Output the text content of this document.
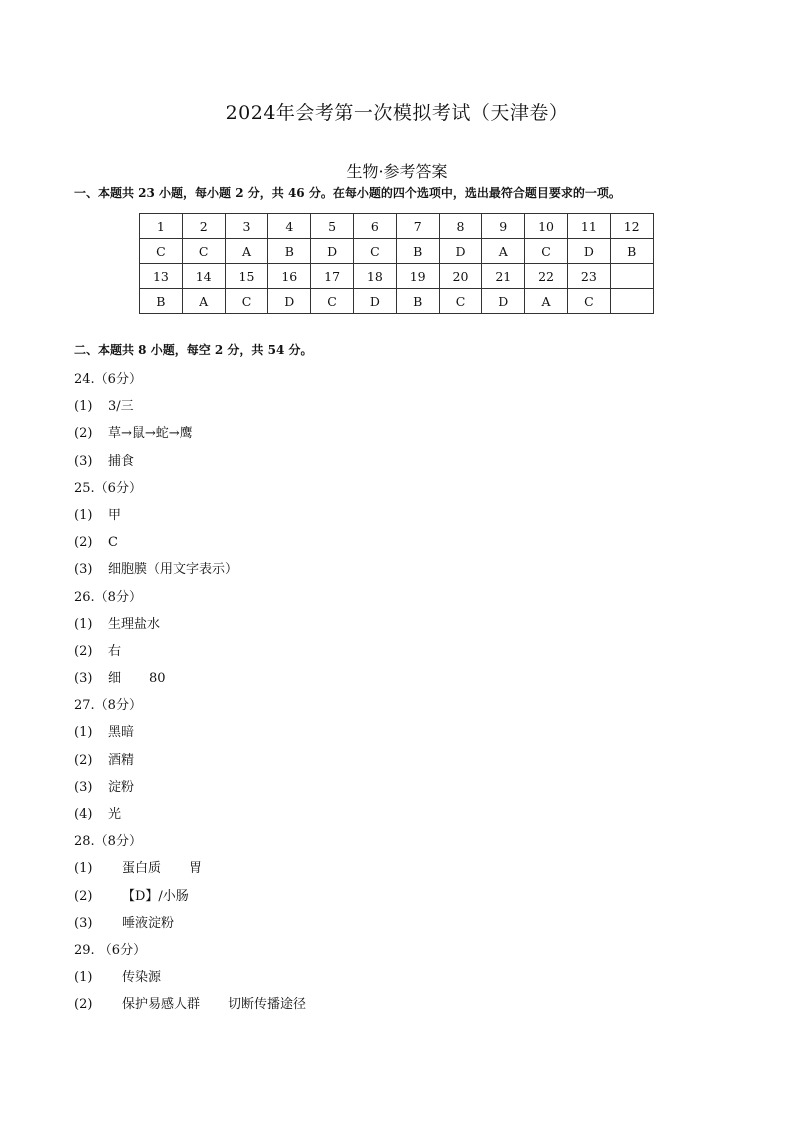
2024年会考第一次模拟考试（天津卷）
生物·参考答案
一、本题共 23 小题，每小题 2 分，共 46 分。在每小题的四个选项中，选出最符合题目要求的一项。
1	2	3	4	5	6	7	8	9	10	11	12
C	C	A	B	D	C	B	D	A	C	D	B
13	14	15	16	17	18	19	20	21	22	23	
B	A	C	D	C	D	B	C	D	A	C	
二、本题共 8 小题，每空 2 分，共 54 分。
24.（6分）
(1) 3/三
(2) 草→鼠→蛇→鹰
(3) 捕食
25.（6分）
(1) 甲
(2) C
(3) 细胞膜（用文字表示）
26.（8分）
(1) 生理盐水
(2) 右
(3) 细 80
27.（8分）
(1) 黑暗
(2) 酒精
(3) 淀粉
(4) 光
28.（8分）
(1) 蛋白质 胃
(2) 【D】/小肠
(3) 唾液淀粉
29. （6分）
(1) 传染源
(2) 保护易感人群 切断传播途径
